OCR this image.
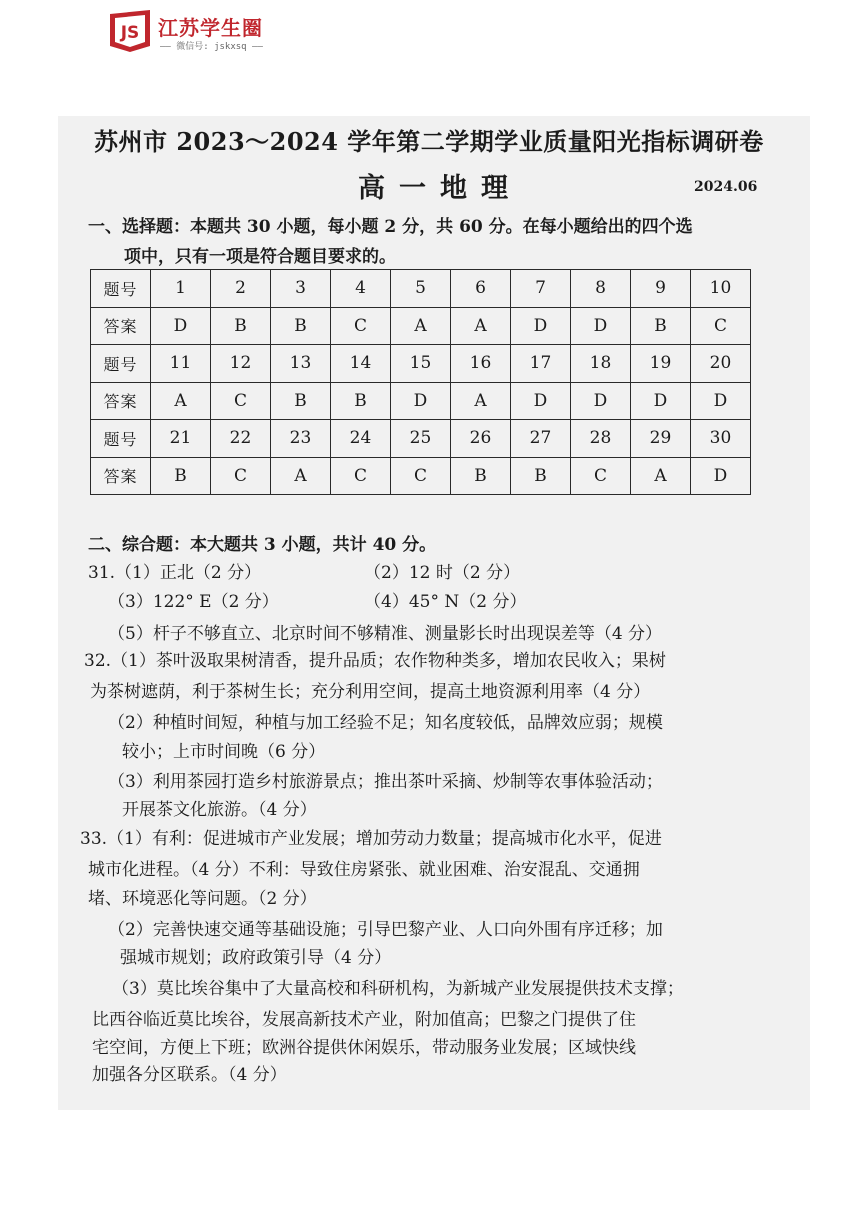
JS 江苏学生圈
—— 微信号: jskxsq ——
苏州市 2023～2024 学年第二学期学业质量阳光指标调研卷
高一地理	2024.06
一、选择题：本题共 30 小题，每小题 2 分，共 60 分。在每小题给出的四个选
项中，只有一项是符合题目要求的。
题号	1	2	3	4	5	6	7	8	9	10
答案	D	B	B	C	A	A	D	D	B	C
题号	11	12	13	14	15	16	17	18	19	20
答案	A	C	B	B	D	A	D	D	D	D
题号	21	22	23	24	25	26	27	28	29	30
答案	B	C	A	C	C	B	B	C	A	D
二、综合题：本大题共 3 小题，共计 40 分。
31.（1）正北（2 分）	（2）12 时（2 分）
（3）122° E（2 分）	（4）45° N（2 分）
（5）杆子不够直立、北京时间不够精准、测量影长时出现误差等（4 分）
32.（1）茶叶汲取果树清香，提升品质；农作物种类多，增加农民收入；果树
为茶树遮荫，利于茶树生长；充分利用空间，提高土地资源利用率（4 分）
（2）种植时间短，种植与加工经验不足；知名度较低，品牌效应弱；规模
较小；上市时间晚（6 分）
（3）利用茶园打造乡村旅游景点；推出茶叶采摘、炒制等农事体验活动；
开展茶文化旅游。（4 分）
33.（1）有利：促进城市产业发展；增加劳动力数量；提高城市化水平，促进
城市化进程。（4 分）不利：导致住房紧张、就业困难、治安混乱、交通拥
堵、环境恶化等问题。（2 分）
（2）完善快速交通等基础设施；引导巴黎产业、人口向外围有序迁移；加
强城市规划；政府政策引导（4 分）
（3）莫比埃谷集中了大量高校和科研机构，为新城产业发展提供技术支撑；
比西谷临近莫比埃谷，发展高新技术产业，附加值高；巴黎之门提供了住
宅空间，方便上下班；欧洲谷提供休闲娱乐，带动服务业发展；区域快线
加强各分区联系。（4 分）
